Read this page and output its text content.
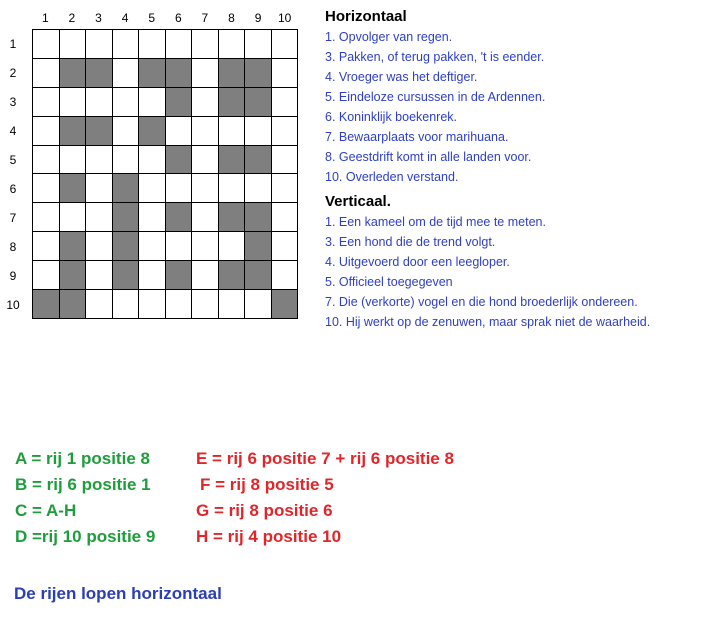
1	2	3	4	5	6	7	8	9	10
1
2
3
4
5
6
7
8
9
10
Horizontaal
1. Opvolger van regen.
3. Pakken, of terug pakken, 't is eender.
4. Vroeger was het deftiger.
5. Eindeloze cursussen in de Ardennen.
6. Koninklijk boekenrek.
7. Bewaarplaats voor marihuana.
8. Geestdrift komt in alle landen voor.
10. Overleden verstand.
Verticaal.
1. Een kameel om de tijd mee te meten.
3. Een hond die de trend volgt.
4. Uitgevoerd door een leegloper.
5. Officieel toegegeven
7. Die (verkorte) vogel en die hond broederlijk ondereen.
10. Hij werkt op de zenuwen, maar sprak niet de waarheid.
A = rij 1 positie 8	E = rij 6 positie 7 + rij 6 positie 8
B = rij 6 positie 1	F = rij 8 positie 5
C = A-H	G = rij 8 positie 6
D =rij 10 positie 9 H = rij 4 positie 10
De rijen lopen horizontaal
